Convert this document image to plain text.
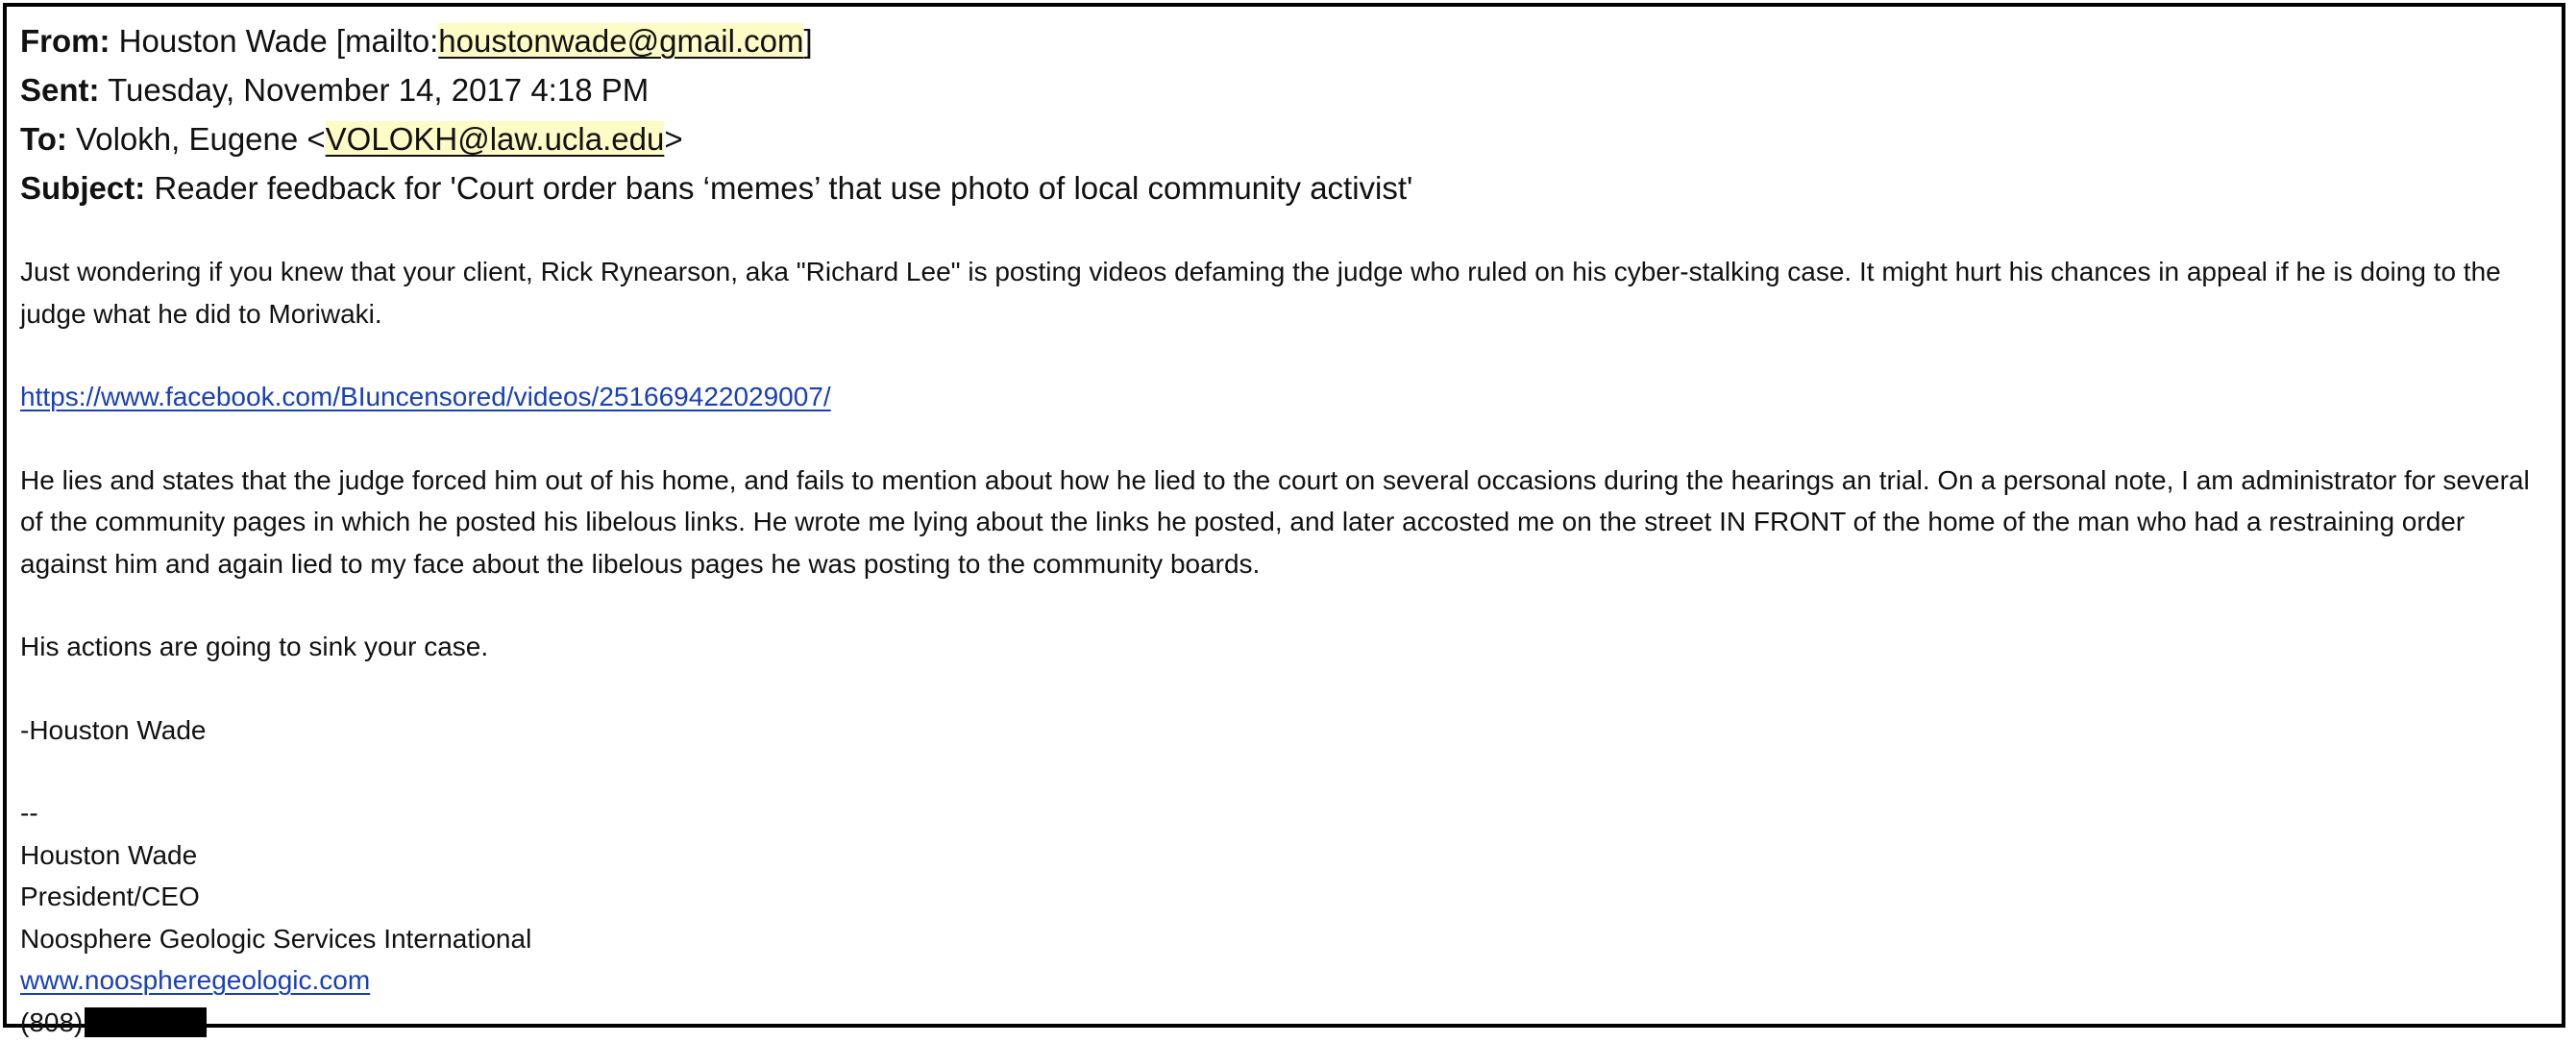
From: Houston Wade [mailto:houstonwade@gmail.com]
Sent: Tuesday, November 14, 2017 4:18 PM
To: Volokh, Eugene <VOLOKH@law.ucla.edu>
Subject: Reader feedback for 'Court order bans ‘memes’ that use photo of local community activist'
Just wondering if you knew that your client, Rick Rynearson, aka "Richard Lee" is posting videos defaming the judge who ruled on his cyber-stalking case. It might hurt his chances in appeal if he is doing to the judge what he did to Moriwaki.
https://www.facebook.com/BIuncensored/videos/251669422029007/
He lies and states that the judge forced him out of his home, and fails to mention about how he lied to the court on several occasions during the hearings an trial. On a personal note, I am administrator for several of the community pages in which he posted his libelous links. He wrote me lying about the links he posted, and later accosted me on the street IN FRONT of the home of the man who had a restraining order against him and again lied to my face about the libelous pages he was posting to the community boards.
His actions are going to sink your case.
-Houston Wade
--
Houston Wade
President/CEO
Noosphere Geologic Services International
www.noospheregeologic.com
(808)
